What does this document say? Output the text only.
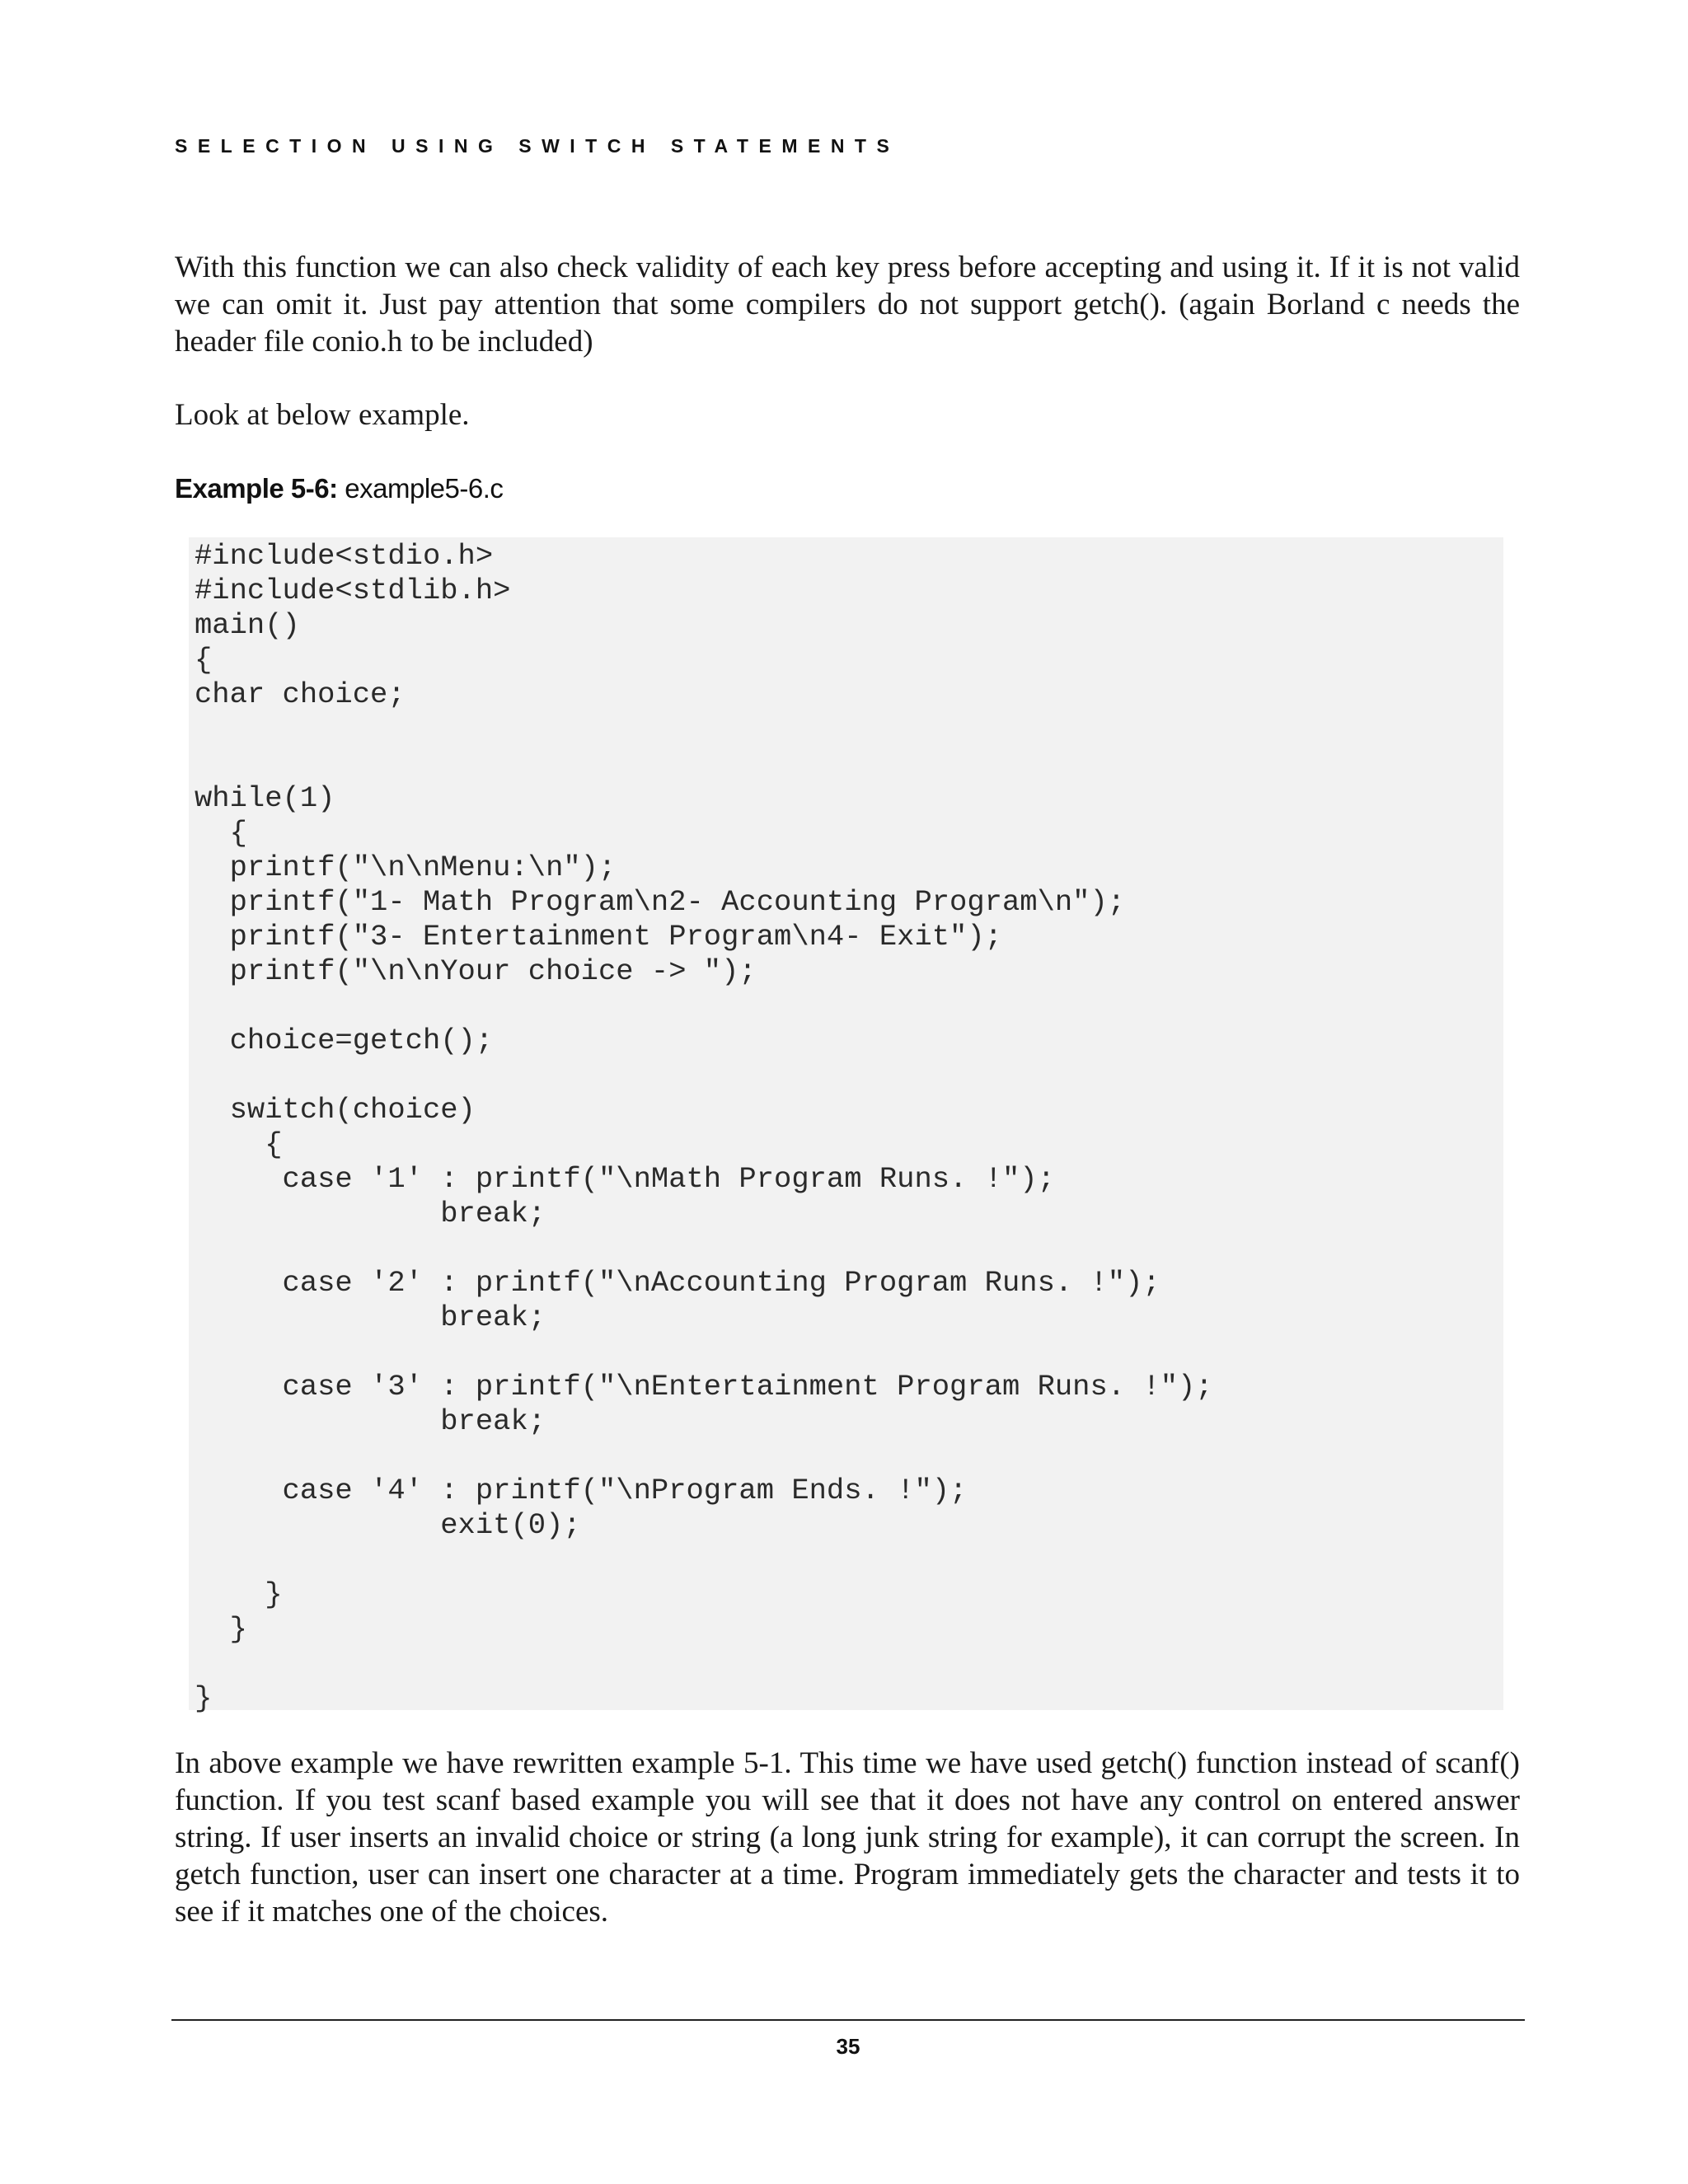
SELECTION USING SWITCH STATEMENTS

With this function we can also check validity of each key press before accepting and using it. If it is not valid we can omit it. Just pay attention that some compilers do not support getch(). (again Borland c needs the header file conio.h to be included)

Look at below example.

Example 5-6: example5-6.c
#include<stdio.h>
#include<stdlib.h>
main()
{
char choice;

while(1)
{
printf("\n\nMenu:\n");
printf("1- Math Program\n2- Accounting Program\n");
printf("3- Entertainment Program\n4- Exit");
printf("\n\nYour choice -> ");

choice=getch();

switch(choice)
{
case '1' : printf("\nMath Program Runs. !");
break;

case '2' : printf("\nAccounting Program Runs. !");
break;

case '3' : printf("\nEntertainment Program Runs. !");
break;

case '4' : printf("\nProgram Ends. !");
exit(0);

}
}

}

In above example we have rewritten example 5-1. This time we have used getch() function instead of scanf() function. If you test scanf based example you will see that it does not have any control on entered answer string. If user inserts an invalid choice or string (a long junk string for example), it can corrupt the screen. In getch function, user can insert one character at a time. Program immediately gets the character and tests it to see if it matches one of the choices.

35
